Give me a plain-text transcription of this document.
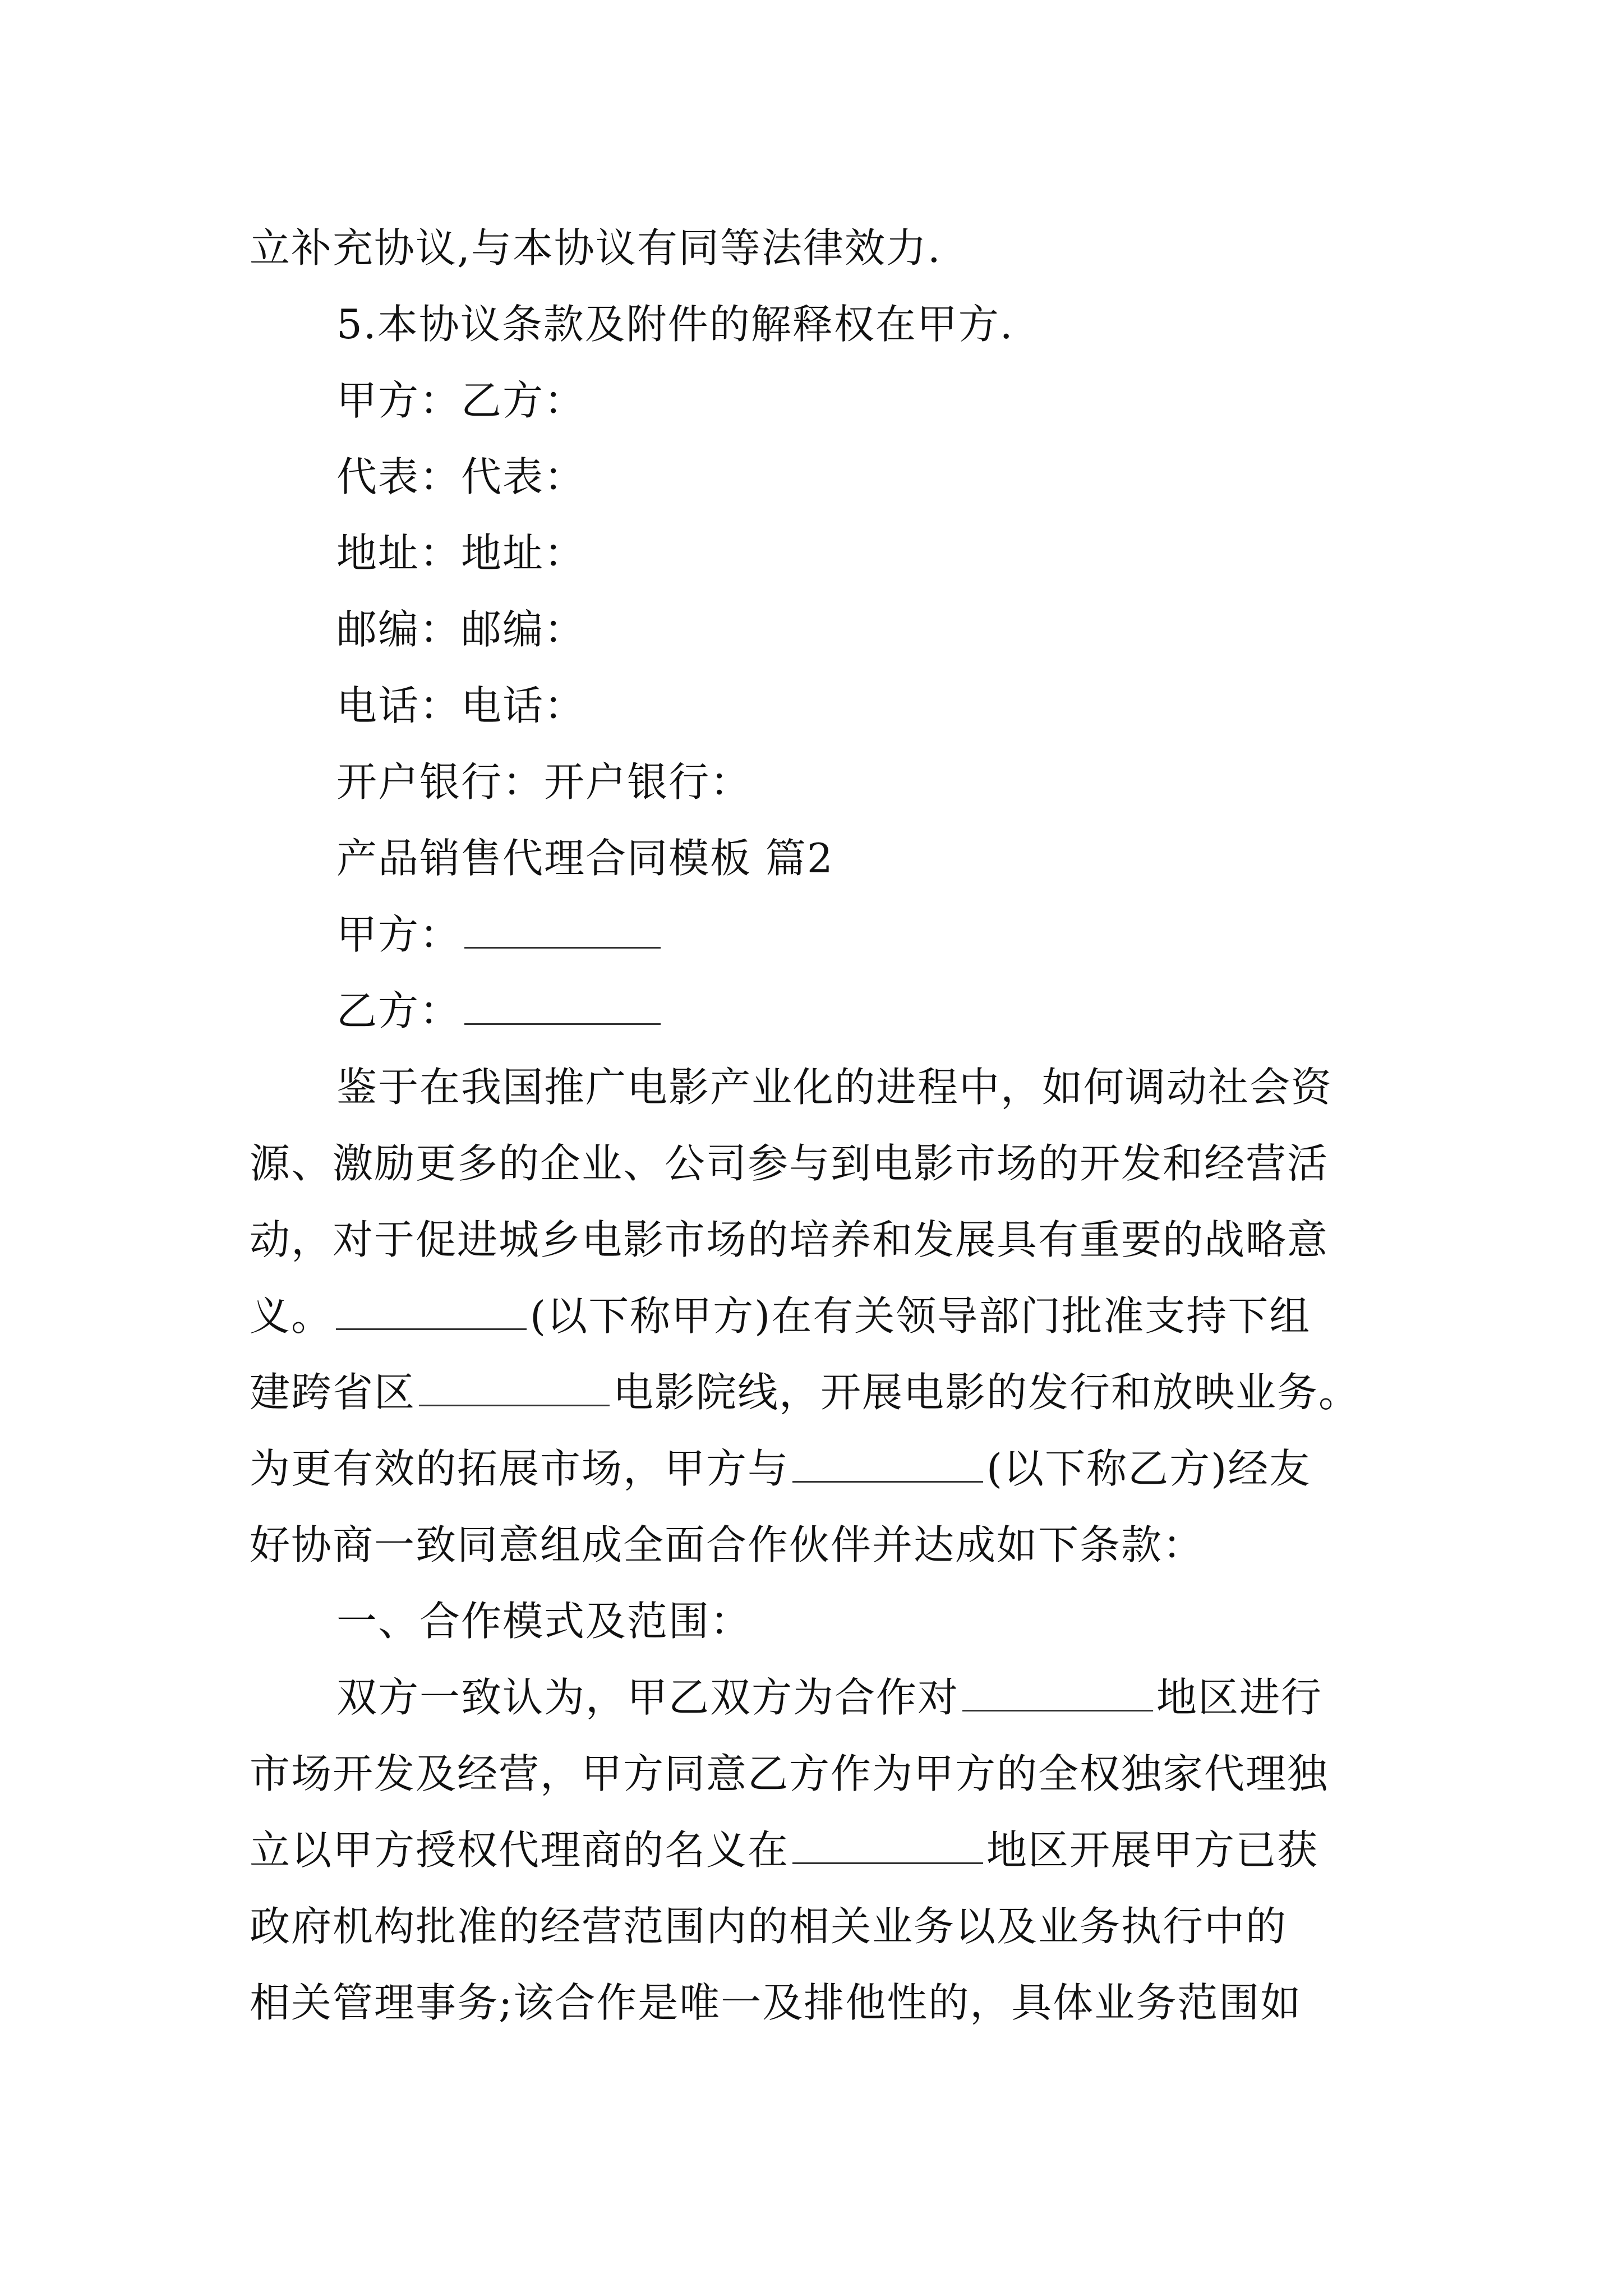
立补充协议,与本协议有同等法律效力.
5.本协议条款及附件的解释权在甲方.
甲方：乙方：
代表：代表：
地址：地址：
邮编：邮编：
电话：电话：
开户银行：开户银行：
产品销售代理合同模板 篇2
甲方：
乙方：
鉴于在我国推广电影产业化的进程中，如何调动社会资
源、激励更多的企业、公司参与到电影市场的开发和经营活
动，对于促进城乡电影市场的培养和发展具有重要的战略意
义。	(以下称甲方)在有关领导部门批准支持下组
建跨省区	电影院线，开展电影的发行和放映业务。
为更有效的拓展市场，甲方与	(以下称乙方)经友
好协商一致同意组成全面合作伙伴并达成如下条款：
一、合作模式及范围：
双方一致认为，甲乙双方为合作对	地区进行
市场开发及经营，甲方同意乙方作为甲方的全权独家代理独
立以甲方授权代理商的名义在	地区开展甲方已获
政府机构批准的经营范围内的相关业务以及业务执行中的
相关管理事务;该合作是唯一及排他性的，具体业务范围如
